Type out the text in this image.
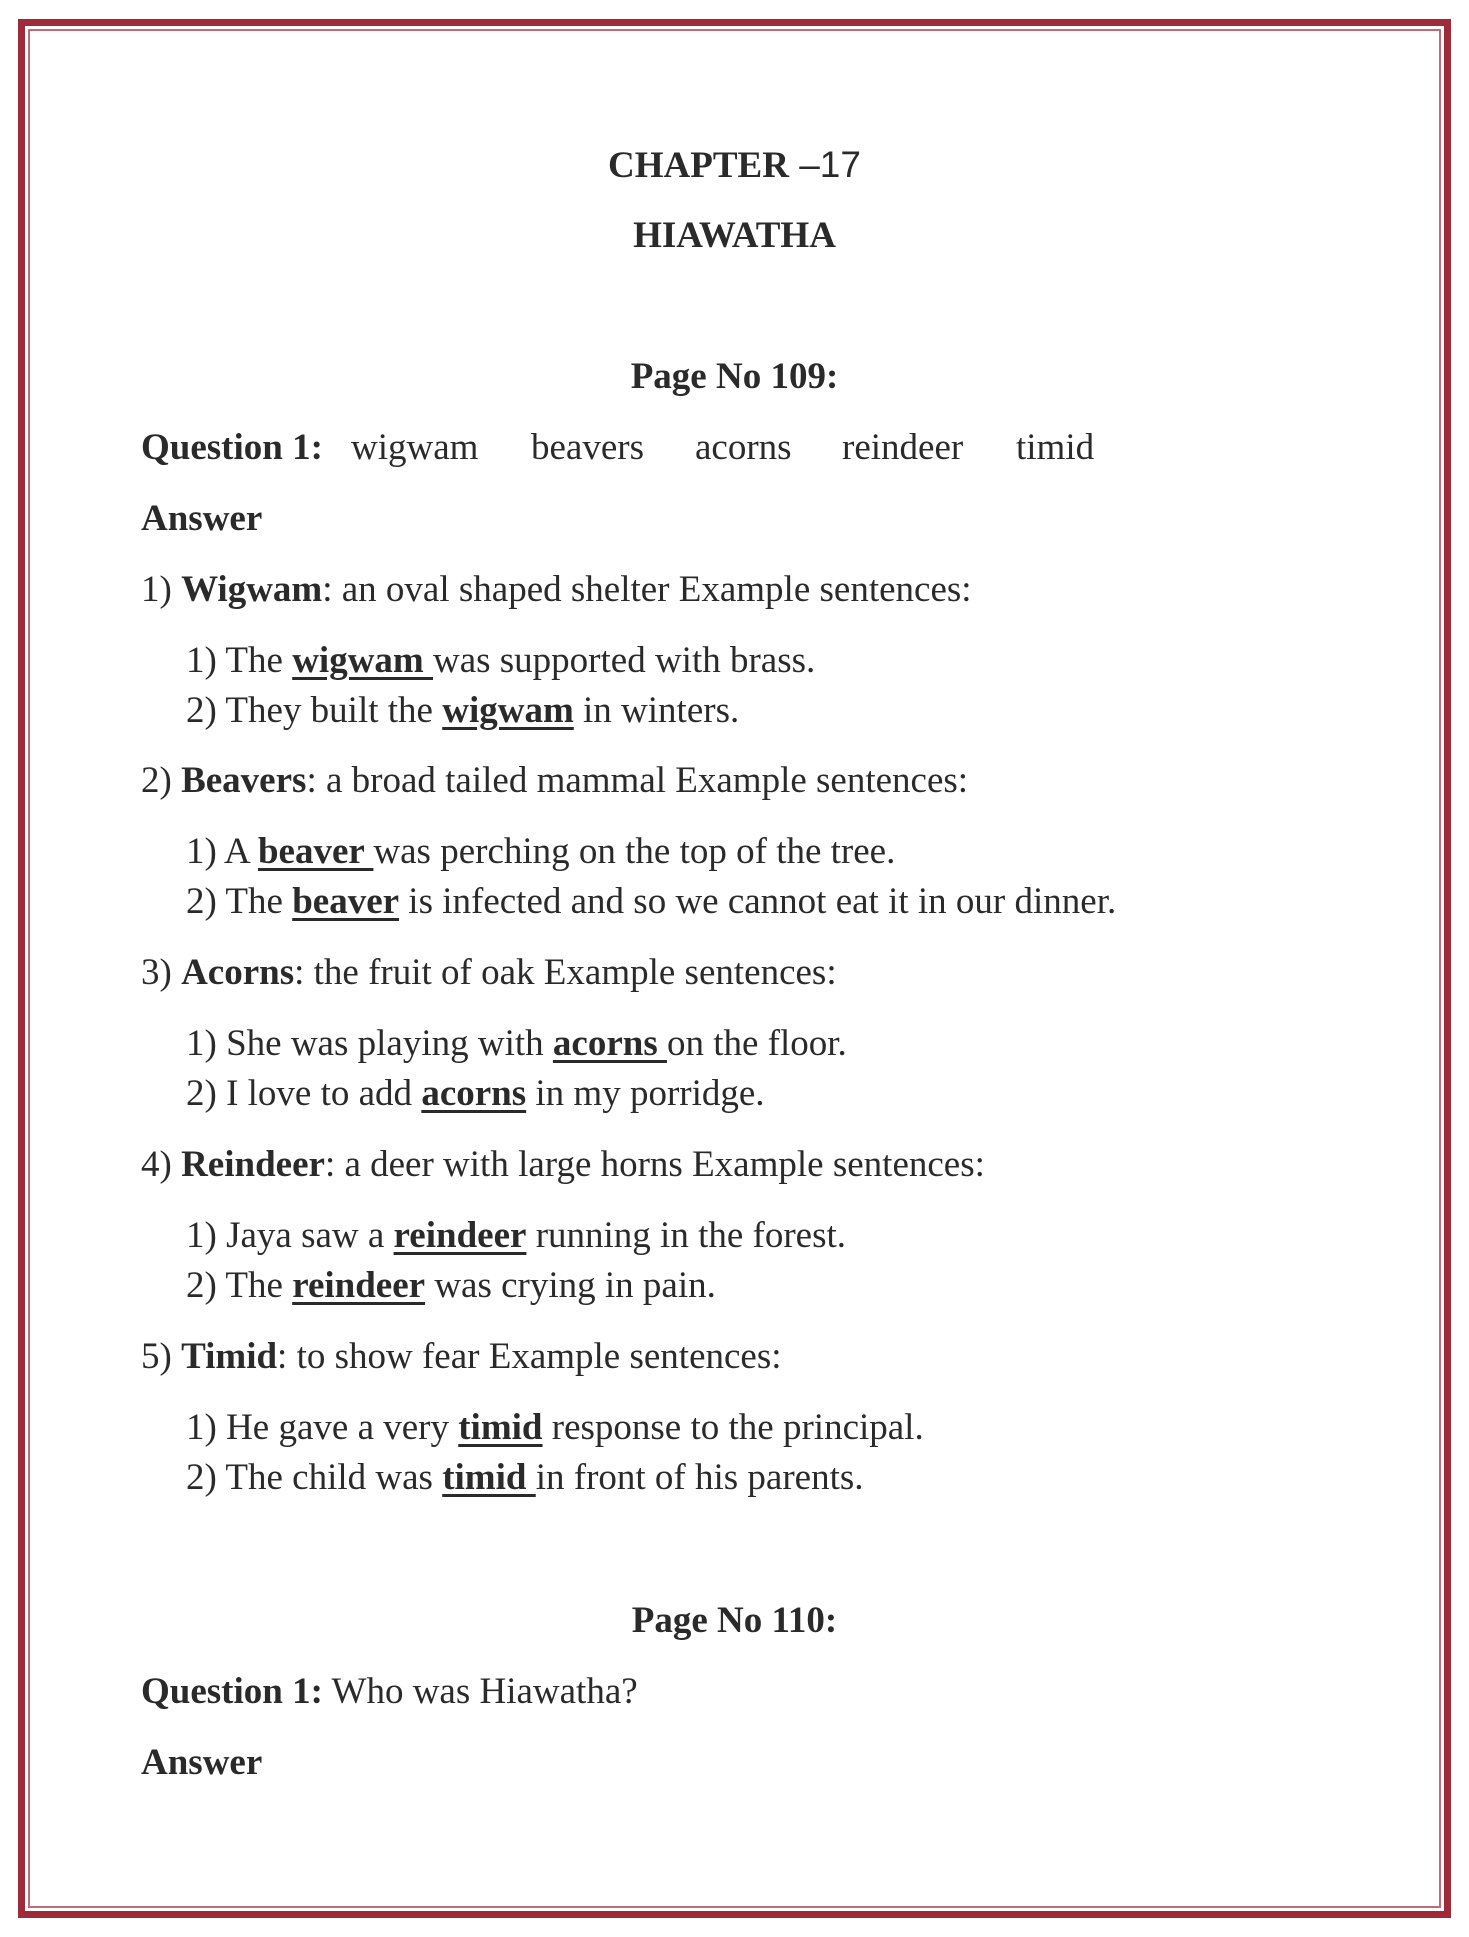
CHAPTER –17
HIAWATHA
Page No 109:

Question 1:

wigwam

beavers

acorns

reindeer

timid

Answer
1) Wigwam: an oval shaped shelter Example sentences:
1) The wigwam was supported with brass.
2) They built the wigwam in winters.
2) Beavers: a broad tailed mammal Example sentences:
1) A beaver was perching on the top of the tree.
2) The beaver is infected and so we cannot eat it in our dinner.
3) Acorns: the fruit of oak Example sentences:
1) She was playing with acorns on the floor.
2) I love to add acorns in my porridge.
4) Reindeer: a deer with large horns Example sentences:
1) Jaya saw a reindeer running in the forest.
2) The reindeer was crying in pain.
5) Timid: to show fear Example sentences:
1) He gave a very timid response to the principal.
2) The child was timid in front of his parents.
Page No 110:
Question 1: Who was Hiawatha?
Answer
